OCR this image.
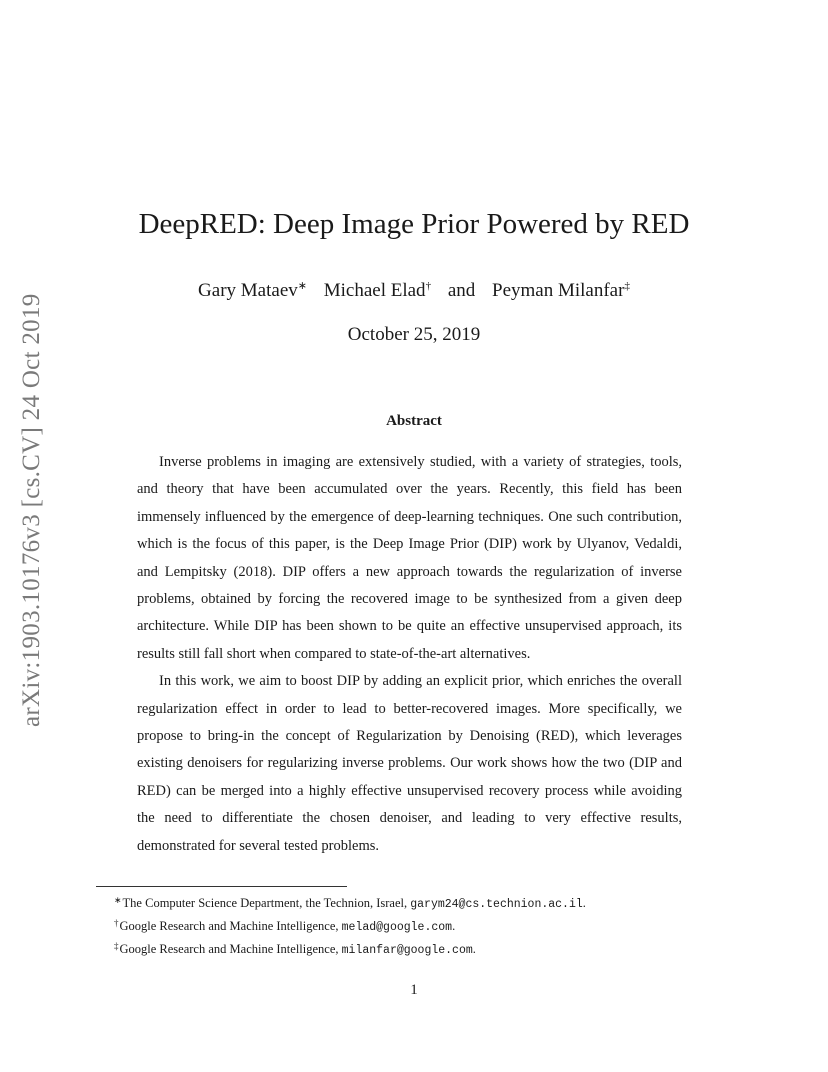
arXiv:1903.10176v3 [cs.CV] 24 Oct 2019
DeepRED: Deep Image Prior Powered by RED
Gary Mataev∗ Michael Elad† and Peyman Milanfar‡
October 25, 2019
Abstract

Inverse problems in imaging are extensively studied, with a variety of strategies, tools, and theory that have been accumulated over the years. Recently, this field has been immensely influenced by the emergence of deep-learning techniques. One such contribution, which is the focus of this paper, is the Deep Image Prior (DIP) work by Ulyanov, Vedaldi, and Lempitsky (2018). DIP offers a new approach towards the regularization of inverse problems, obtained by forcing the recovered image to be synthesized from a given deep architecture. While DIP has been shown to be quite an effective unsupervised approach, its results still fall short when compared to state-of-the-art alternatives.

In this work, we aim to boost DIP by adding an explicit prior, which enriches the overall regularization effect in order to lead to better-recovered images. More specifically, we propose to bring-in the concept of Regularization by Denoising (RED), which leverages existing denoisers for regularizing inverse problems. Our work shows how the two (DIP and RED) can be merged into a highly effective unsupervised recovery process while avoiding the need to differentiate the chosen denoiser, and leading to very effective results, demonstrated for several tested problems.

∗The Computer Science Department, the Technion, Israel, garym24@cs.technion.ac.il.
†Google Research and Machine Intelligence, melad@google.com.
‡Google Research and Machine Intelligence, milanfar@google.com.
1
